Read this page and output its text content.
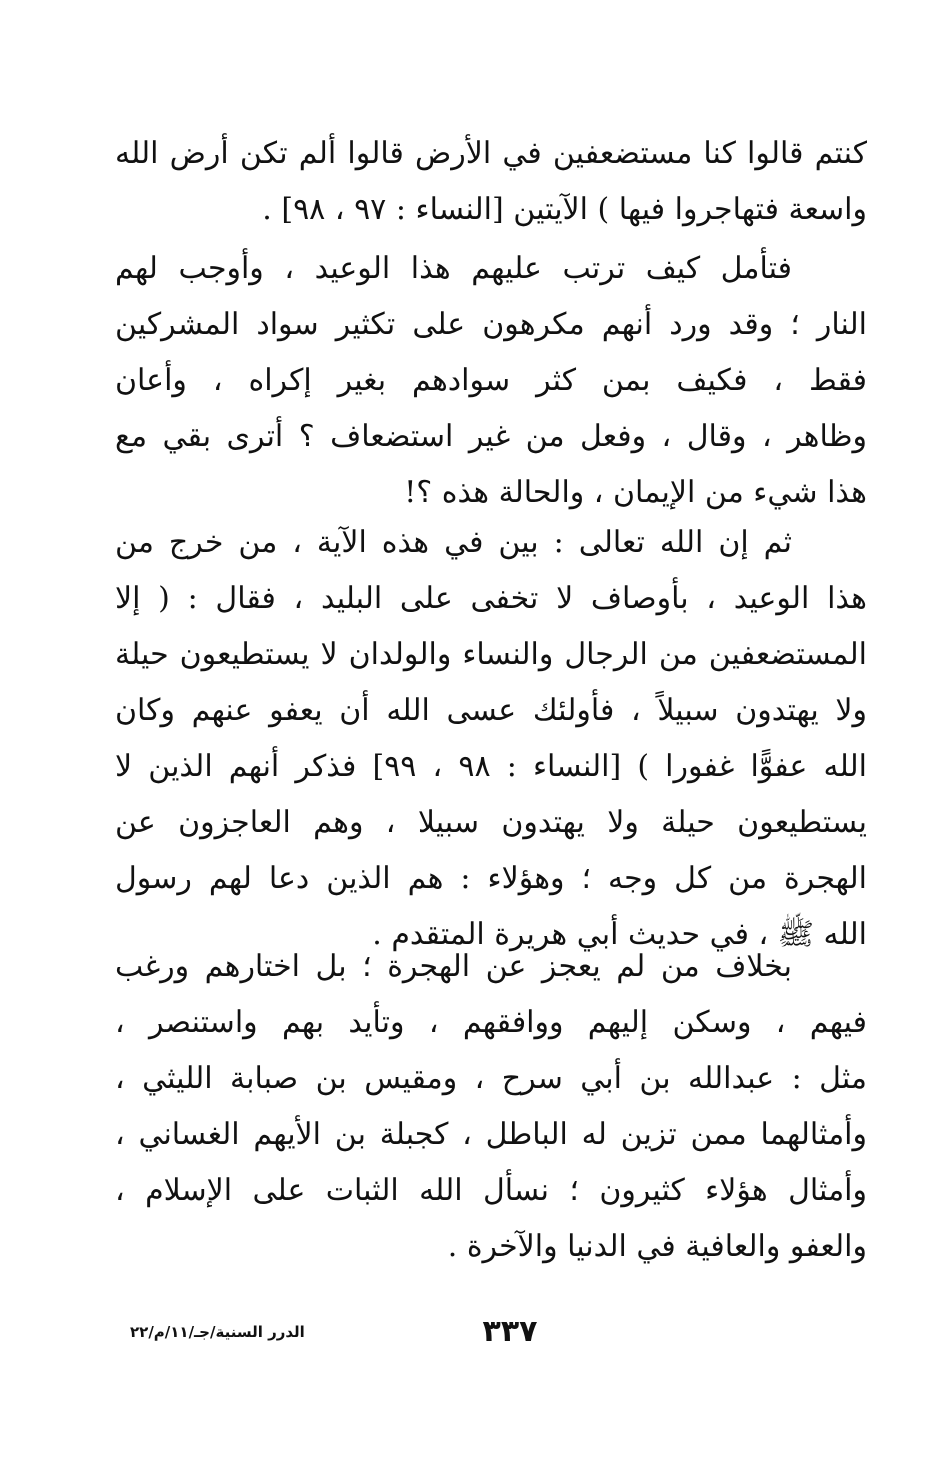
كنتم قالوا كنا مستضعفين في الأرض قالوا ألم تكن أرض الله
واسعة فتهاجروا فيها ) الآيتين [النساء : ٩٧ ، ٩٨] .
فتأمل كيف ترتب عليهم هذا الوعيد ، وأوجب لهم
النار ؛ وقد ورد أنهم مكرهون على تكثير سواد المشركين
فقط ، فكيف بمن كثر سوادهم بغير إكراه ، وأعان
وظاهر ، وقال ، وفعل من غير استضعاف ؟ أترى بقي مع
هذا شيء من الإيمان ، والحالة هذه ؟!
ثم إن الله تعالى : بين في هذه الآية ، من خرج من
هذا الوعيد ، بأوصاف لا تخفى على البليد ، فقال : ( إلا
المستضعفين من الرجال والنساء والولدان لا يستطيعون حيلة
ولا يهتدون سبيلاً ، فأولئك عسى الله أن يعفو عنهم وكان
الله عفوًّا غفورا ) [النساء : ٩٨ ، ٩٩] فذكر أنهم الذين لا
يستطيعون حيلة ولا يهتدون سبيلا ، وهم العاجزون عن
الهجرة من كل وجه ؛ وهؤلاء : هم الذين دعا لهم رسول
الله ﷺ ، في حديث أبي هريرة المتقدم .
بخلاف من لم يعجز عن الهجرة ؛ بل اختارهم ورغب
فيهم ، وسكن إليهم ووافقهم ، وتأيد بهم واستنصر ،
مثل : عبدالله بن أبي سرح ، ومقيس بن صبابة الليثي ،
وأمثالهما ممن تزين له الباطل ، كجبلة بن الأيهم الغساني ،
وأمثال هؤلاء كثيرون ؛ نسأل الله الثبات على الإسلام ،
والعفو والعافية في الدنيا والآخرة .
٣٣٧
الدرر السنية/جـ/١١/م/٢٢
